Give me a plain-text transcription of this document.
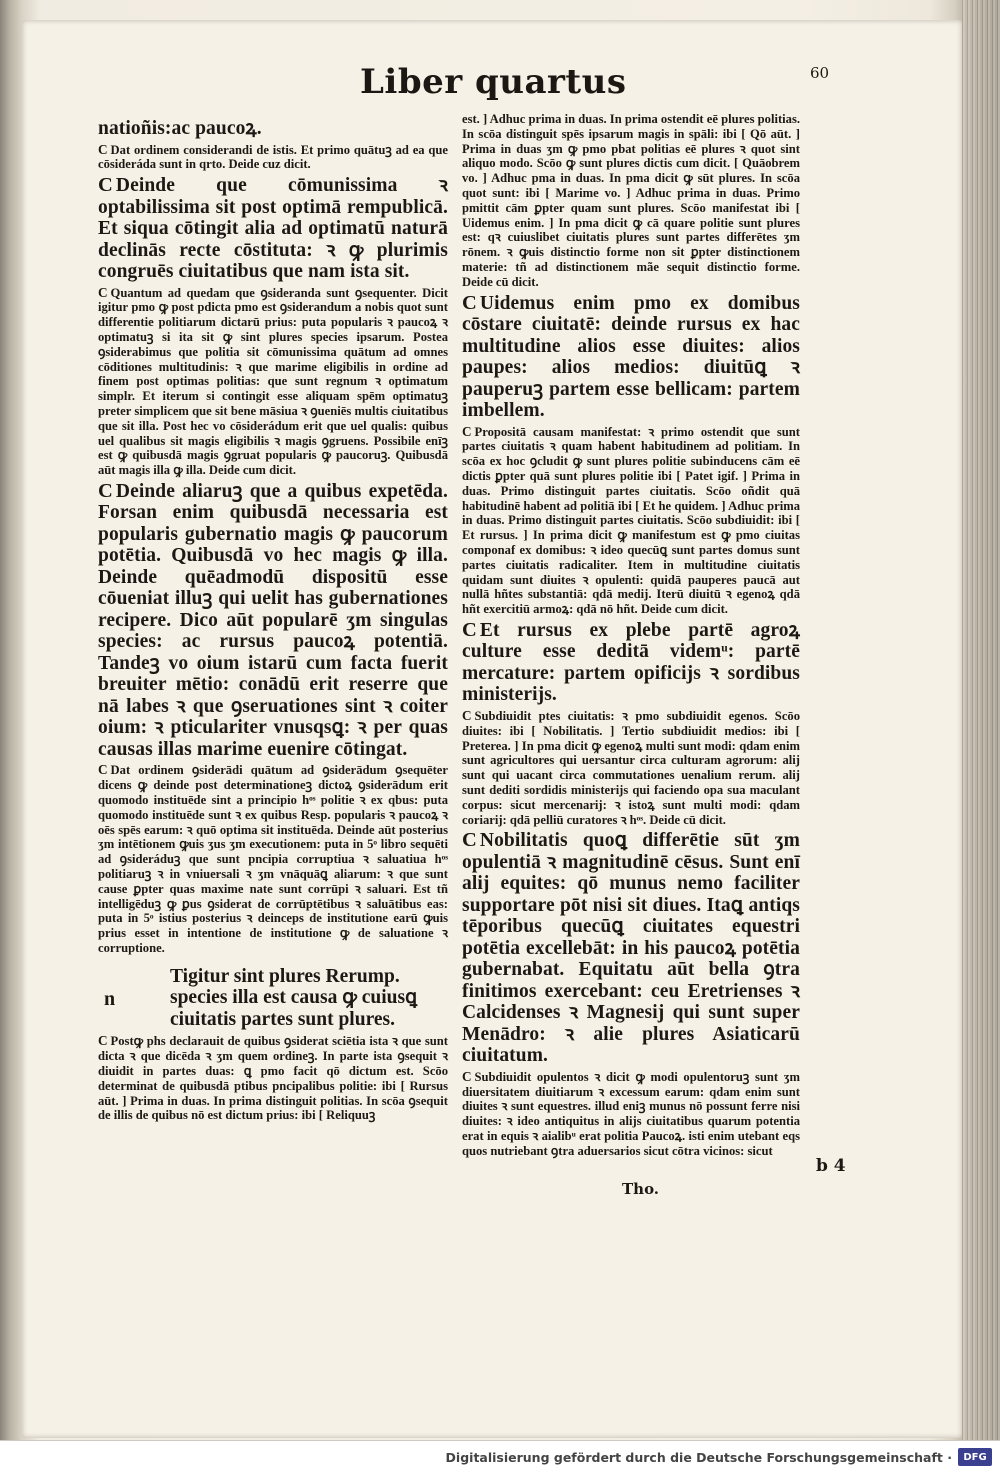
Liber quartus	60

natioñis:ac paucoꝝ.

C Dat ordinem considerandi de istis. Et primo quātuꝫ ad ea que cōsideráda sunt in qrto. Deide cuz dicit.

C Deinde que cōmunissima ꝛ optabilissima sit post optimā rempublicā. Et siqua cōtingit alia ad optimatū naturā declinās recte cōstituta: ꝛ ꝙ plurimis congruēs ciuitatibus que nam ista sit.

C Quantum ad quedam que ꝯsideranda sunt ꝯsequenter. Dicit igitur pmo ꝙ post pdicta pmo est ꝯsiderandum a nobis quot sunt differentie politiarum dictarū prius: puta popularis ꝛ paucoꝝ ꝛ optimatuꝫ si ita sit ꝙ sint plures species ipsarum. Postea ꝯsiderabimus que politia sit cōmunissima quātum ad omnes cōditiones multitudinis: ꝛ que marime eligibilis in ordine ad finem post optimas politias: que sunt regnum ꝛ optimatum simplr. Et iterum si contingit esse aliquam spēm optimatuꝫ preter simplicem que sit bene māsiua ꝛ ꝯueniēs multis ciuitatibus que sit illa. Post hec vo cōsiderádum erit que uel qualis: quibus uel qualibus sit magis eligibilis ꝛ magis ꝯgruens. Possibile enīꝫ est ꝙ quibusdā magis ꝯgruat popularis ꝙ paucoruꝫ. Quibusdā aūt magis illa ꝙ illa. Deide cum dicit.

C Deinde aliaruꝫ que a quibus expetēda. Forsan enim quibusdā necessaria est popularis gubernatio magis ꝙ paucorum potētia. Quibusdā vo hec magis ꝙ illa. Deinde quēadmodū dispositū esse cōueniat illuꝫ qui uelit has gubernationes recipere. Dico aūt popularē ʒm singulas species: ac rursus paucoꝝ potentiā. Tandeꝫ vo oium istarū cum facta fuerit breuiter mētio: conādū erit reserre que nā labes ꝛ que ꝯseruationes sint ꝛ coiter oium: ꝛ pticulariter vnusqsꝗ: ꝛ per quas causas illas marime euenire cōtingat.

C Dat ordinem ꝯsiderādi quātum ad ꝯsiderādum ꝯsequēter dicens ꝙ deinde post determinationeꝫ dictoꝝ ꝯsiderādum erit quomodo instituēde sint a principio hᵒˢ politie ꝛ ex qbus: puta quomodo instituēde sunt ꝛ ex quibus Resp. popularis ꝛ paucoꝝ ꝛ oēs spēs earum: ꝛ quō optima sit instituēda. Deinde aūt posterius ʒm intētionem ꝙuis ʒus ʒm executionem: puta in 5ᵒ libro sequēti ad ꝯsideráduꝫ que sunt pncipia corruptiua ꝛ saluatiua hᵒˢ politiaruꝫ ꝛ in vniuersali ꝛ ʒm vnāquāꝗ aliarum: ꝛ que sunt cause ꝑpter quas maxime nate sunt corrūpi ꝛ saluari. Est tñ intelligēduꝫ ꝙ ꝑus ꝯsiderat de corrūptētibus ꝛ saluātibus eas: puta in 5ᵒ istius posterius ꝛ deinceps de institutione earū ꝙuis prius esset in intentione de institutione ꝙ de saluatione ꝛ corruptione.

n
Tigitur sint plures Rerump. species illa est causa ꝙ cuiusꝗ ciuitatis partes sunt plures.

C Postꝙ phs declarauit de quibus ꝯsiderat sciētia ista ꝛ que sunt dicta ꝛ que dicēda ꝛ ʒm quem ordineꝫ. In parte ista ꝯsequit ꝛ diuidit in partes duas: ꝗ pmo facit qō dictum est. Scōo determinat de quibusdā ptibus pncipalibus politie: ibi [ Rursus aūt. ] Prima in duas. In prima distinguit politias. In scōa ꝯsequit de illis de quibus nō est dictum prius: ibi [ Reliquuꝫ

est. ] Adhuc prima in duas. In prima ostendit eē plures politias. In scōa distinguit spēs ipsarum magis in spāli: ibi [ Qō aūt. ] Prima in duas ʒm ꝙ pmo pbat politias eē plures ꝛ quot sint aliquo modo. Scōo ꝙ sunt plures dictis cum dicit. [ Quāobrem vo. ] Adhuc pma in duas. In pma dicit ꝙ sūt plures. In scōa quot sunt: ibi [ Marime vo. ] Adhuc prima in duas. Primo pmittit cām ꝑpter quam sunt plures. Scōo manifestat ibi [ Uidemus enim. ] In pma dicit ꝙ cā quare politie sunt plures est: qꝛ cuiuslibet ciuitatis plures sunt partes differētes ʒm rōnem. ꝛ ꝙuis distinctio forme non sit ꝑpter distinctionem materie: tñ ad distinctionem mãe sequit distinctio forme. Deide cū dicit.

C Uidemus enim pmo ex domibus cōstare ciuitatē: deinde rursus ex hac multitudine alios esse diuites: alios paupes: alios medios: diuitūꝗ ꝛ pauperuꝫ partem esse bellicam: partem imbellem.

C Propositā causam manifestat: ꝛ primo ostendit que sunt partes ciuitatis ꝛ quam habent habitudinem ad politiam. In scōa ex hoc ꝯcludit ꝙ sunt plures politie subinducens cām eē dictis ꝑpter quā sunt plures politie ibi [ Patet igif. ] Prima in duas. Primo distinguit partes ciuitatis. Scōo oñdit quā habitudinē habent ad politiā ibi [ Et he quidem. ] Adhuc prima in duas. Primo distinguit partes ciuitatis. Scōo subdiuidit: ibi [ Et rursus. ] In prima dicit ꝙ manifestum est ꝙ pmo ciuitas componaf ex domibus: ꝛ ideo quecūꝗ sunt partes domus sunt partes ciuitatis radicaliter. Item in multitudine ciuitatis quidam sunt diuites ꝛ opulenti: quidā pauperes paucā aut nullā hñtes substantiā: qdā medij. Iterū diuitū ꝛ egenoꝝ qdā hñt exercitiū armoꝝ: qdā nō hñt. Deide cum dicit.

C Et rursus ex plebe partē agroꝝ culture esse deditā videmᵘ: partē mercature: partem opificijs ꝛ sordibus ministerijs.

C Subdiuidit ptes ciuitatis: ꝛ pmo subdiuidit egenos. Scōo diuites: ibi [ Nobilitatis. ] Tertio subdiuidit medios: ibi [ Preterea. ] In pma dicit ꝙ egenoꝝ multi sunt modi: qdam enim sunt agricultores qui uersantur circa culturam agrorum: alij sunt qui uacant circa commutationes uenalium rerum. alij sunt dediti sordidis ministerijs qui faciendo opa sua maculant corpus: sicut mercenarij: ꝛ istoꝝ sunt multi modi: qdam coriarij: qdā pelliū curatores ꝛ hᵒˢ. Deide cū dicit.

C Nobilitatis quoꝗ differētie sūt ʒm opulentiā ꝛ magnitudinē cēsus. Sunt enī alij equites: qō munus nemo faciliter supportare pōt nisi sit diues. Itaꝗ antiqs tēporibus quecūꝗ ciuitates equestri potētia excellebāt: in his paucoꝝ potētia gubernabat. Equitatu aūt bella ꝯtra finitimos exercebant: ceu Eretrienses ꝛ Calcidenses ꝛ Magnesij qui sunt super Menādro: ꝛ alie plures Asiaticarū ciuitatum.

C Subdiuidit opulentos ꝛ dicit ꝙ modi opulentoruꝫ sunt ʒm diuersitatem diuitiarum ꝛ excessum earum: qdam enim sunt diuites ꝛ sunt equestres. illud eniꝫ munus nō possunt ferre nisi diuites: ꝛ ideo antiquitus in alijs ciuitatibus quarum potentia erat in equis ꝛ aialibᵘ erat politia Paucoꝝ. isti enim utebant eqs quos nutriebant ꝯtra aduersarios sicut cōtra vicinos: sicut

b 4
Tho.
Digitalisierung gefördert durch die Deutsche Forschungsgemeinschaft ·	DFG
